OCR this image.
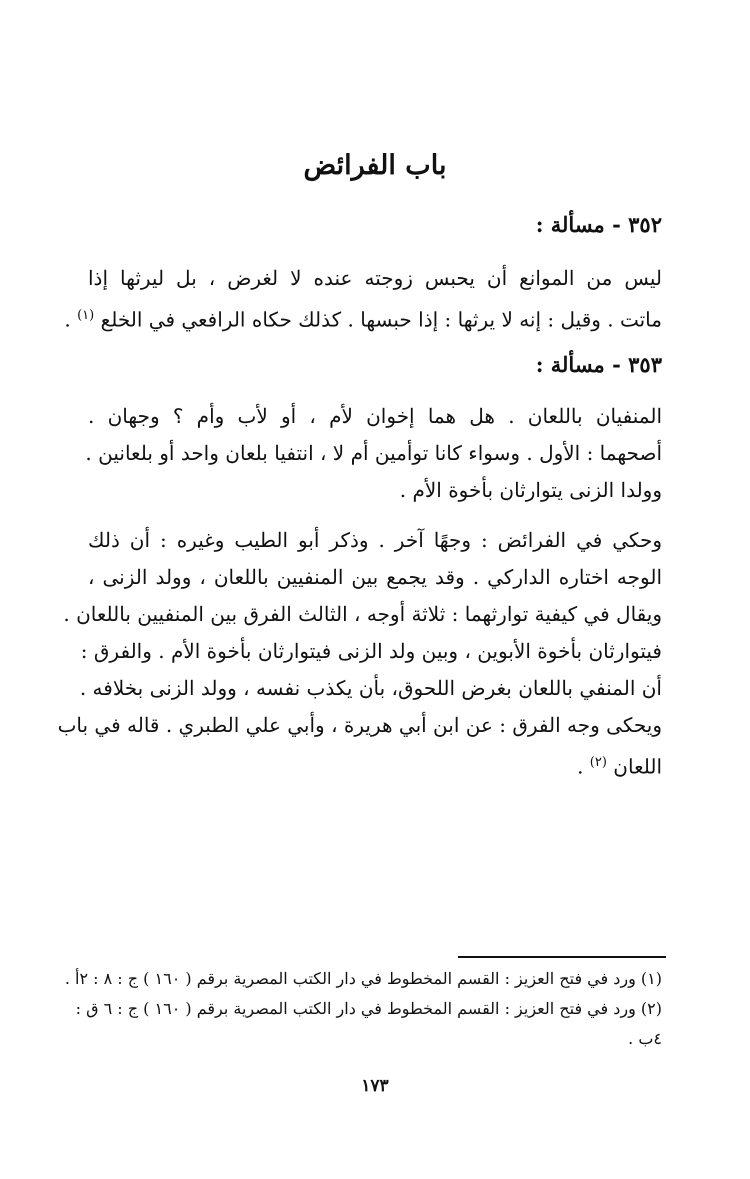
باب الفرائض
٣٥٢ - مسألة :
ليس من الموانع أن يحبس زوجته عنده لا لغرض ، بل ليرثها إذا
ماتت . وقيل : إنه لا يرثها : إذا حبسها . كذلك حكاه الرافعي في الخلع $^{(١)}$ .
٣٥٣ - مسألة :
المنفيان باللعان . هل هما إخوان لأم ، أو لأب وأم ؟ وجهان .
أصحهما : الأول . وسواء كانا توأمين أم لا ، انتفيا بلعان واحد أو بلعانين .
وولدا الزنى يتوارثان بأخوة الأم .
وحكي في الفرائض : وجهًا آخر . وذكر أبو الطيب وغيره : أن ذلك
الوجه اختاره الداركي . وقد يجمع بين المنفيين باللعان ، وولد الزنى ،
ويقال في كيفية توارثهما : ثلاثة أوجه ، الثالث الفرق بين المنفيين باللعان .
فيتوارثان بأخوة الأبوين ، وبين ولد الزنى فيتوارثان بأخوة الأم . والفرق :
أن المنفي باللعان بغرض اللحوق، بأن يكذب نفسه ، وولد الزنى بخلافه .
ويحكى وجه الفرق : عن ابن أبي هريرة ، وأبي علي الطبري . قاله في باب
اللعان $^{(٢)}$ .
(١) ورد في فتح العزيز : القسم المخطوط في دار الكتب المصرية برقم ( ١٦٠ ) ج : ٨ : ٢أ .
(٢) ورد في فتح العزيز : القسم المخطوط في دار الكتب المصرية برقم ( ١٦٠ ) ج : ٦ ق :
٤ب .
١٧٣
